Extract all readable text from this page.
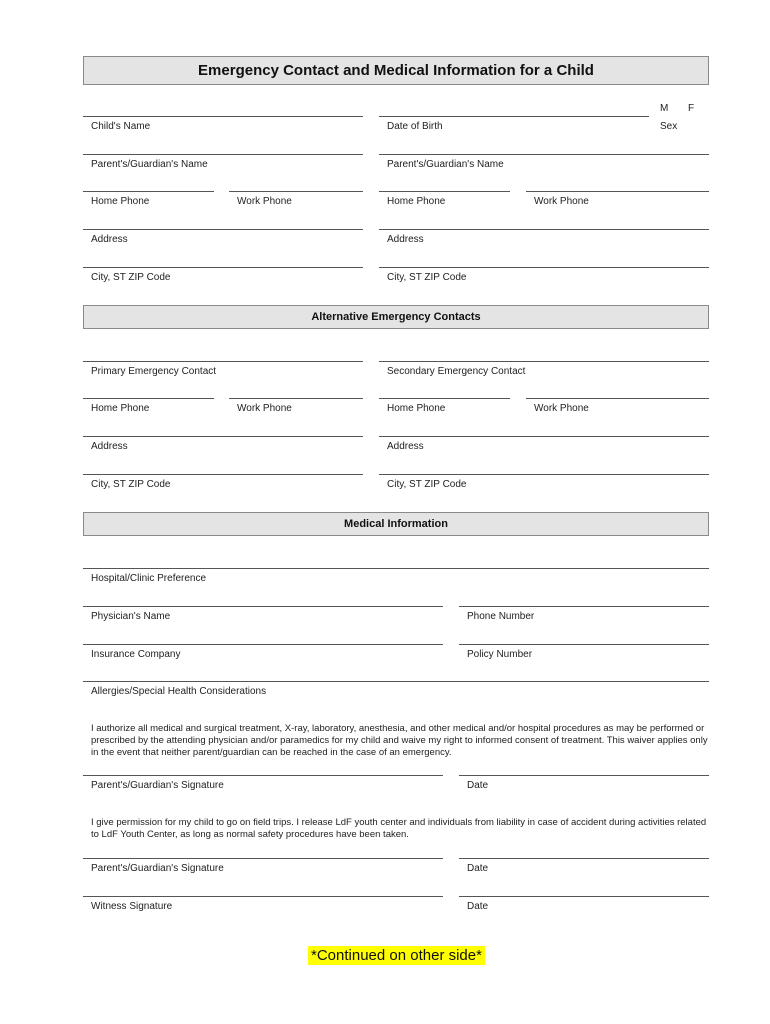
Emergency Contact and Medical Information for a Child
Child's Name	Date of Birth
M F
Sex
Parent's/Guardian's Name	Parent's/Guardian's Name
Home Phone	Work Phone	Home Phone	Work Phone
Address	Address
City, ST ZIP Code	City, ST ZIP Code
Alternative Emergency Contacts
Primary Emergency Contact	Secondary Emergency Contact
Home Phone	Work Phone	Home Phone	Work Phone
Address	Address
City, ST ZIP Code	City, ST ZIP Code
Medical Information
Hospital/Clinic Preference
Physician's Name	Phone Number
Insurance Company	Policy Number
Allergies/Special Health Considerations
I authorize all medical and surgical treatment, X-ray, laboratory, anesthesia, and other medical and/or hospital procedures as may be performed or prescribed by the attending physician and/or paramedics for my child and waive my right to informed consent of treatment. This waiver applies only in the event that neither parent/guardian can be reached in the case of an emergency.
Parent's/Guardian's Signature	Date
I give permission for my child to go on field trips. I release LdF youth center and individuals from liability in case of accident during activities related to LdF Youth Center, as long as normal safety procedures have been taken.
Parent's/Guardian's Signature	Date
Witness Signature	Date
*Continued on other side*
